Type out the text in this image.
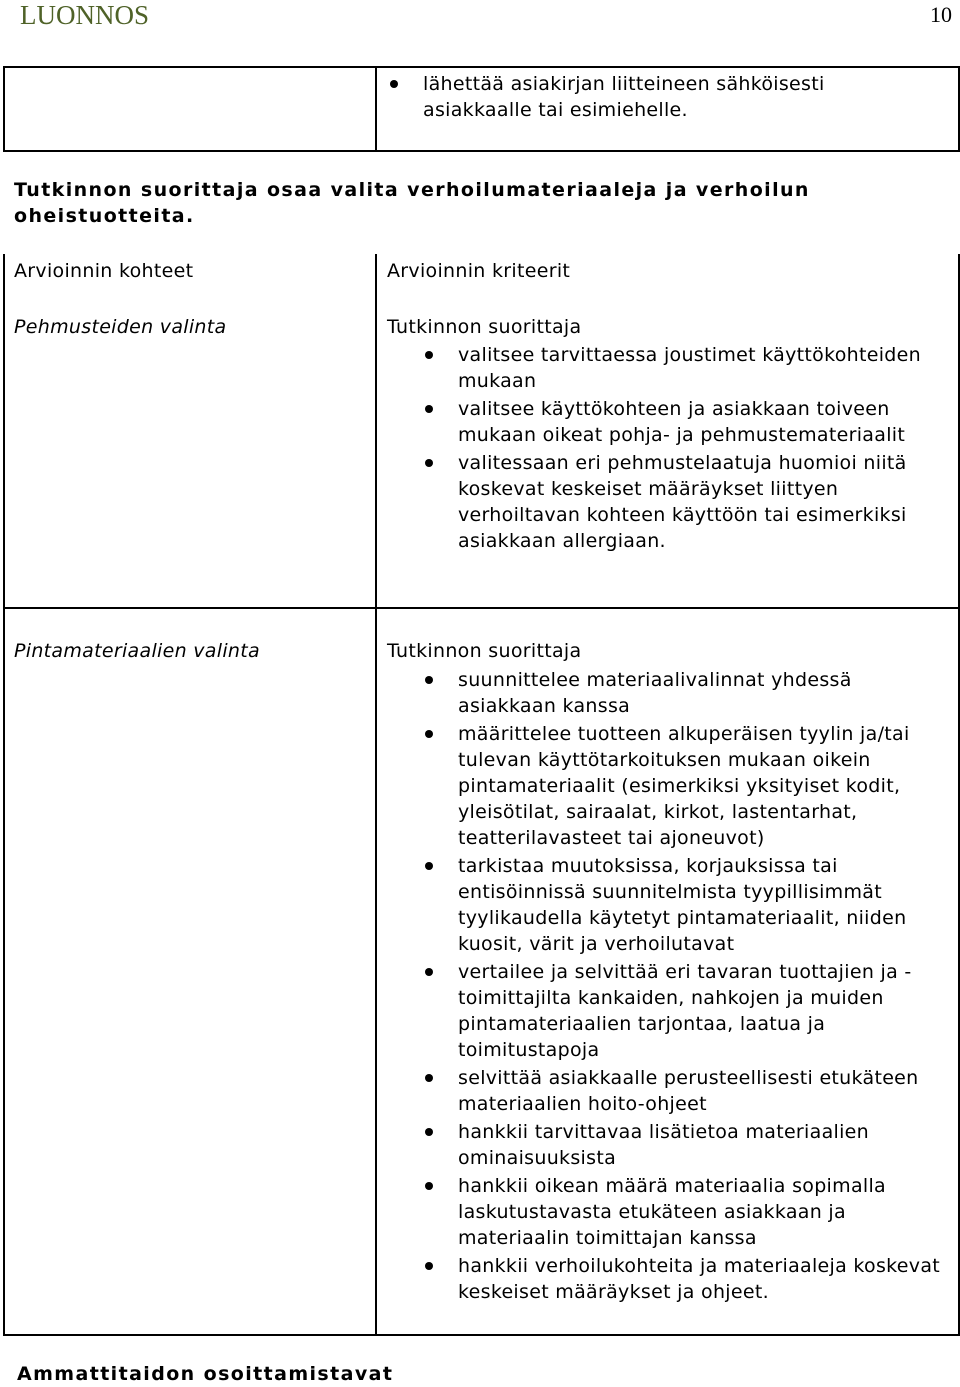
LUONNOS	10
lähettää asiakirjan liitteineen sähköisesti asiakkaalle tai esimiehelle.
Tutkinnon suorittaja osaa valita verhoilumateriaaleja ja verhoilun oheistuotteita.
Arvioinnin kohteet	Arvioinnin kriteerit
Pehmusteiden valinta	Tutkinnon suorittaja
valitsee tarvittaessa joustimet käyttökohteiden mukaan
valitsee käyttökohteen ja asiakkaan toiveen mukaan oikeat pohja- ja pehmustemateriaalit
valitessaan eri pehmustelaatuja huomioi niitä koskevat keskeiset määräykset liittyen verhoiltavan kohteen käyttöön tai esimerkiksi asiakkaan allergiaan.
Pintamateriaalien valinta	Tutkinnon suorittaja
suunnittelee materiaalivalinnat yhdessä asiakkaan kanssa
määrittelee tuotteen alkuperäisen tyylin ja/tai tulevan käyttötarkoituksen mukaan oikein pintamateriaalit (esimerkiksi yksityiset kodit, yleisötilat, sairaalat, kirkot, lastentarhat, teatterilavasteet tai ajoneuvot)
tarkistaa muutoksissa, korjauksissa tai entisöinnissä suunnitelmista tyypillisimmät tyylikaudella käytetyt pintamateriaalit, niiden kuosit, värit ja verhoilutavat
vertailee ja selvittää eri tavaran tuottajien ja -toimittajilta kankaiden, nahkojen ja muiden pintamateriaalien tarjontaa, laatua ja toimitustapoja
selvittää asiakkaalle perusteellisesti etukäteen materiaalien hoito-ohjeet
hankkii tarvittavaa lisätietoa materiaalien ominaisuuksista
hankkii oikean määrä materiaalia sopimalla laskutustavasta etukäteen asiakkaan ja materiaalin toimittajan kanssa
hankkii verhoilukohteita ja materiaaleja koskevat keskeiset määräykset ja ohjeet.
Ammattitaidon osoittamistavat
